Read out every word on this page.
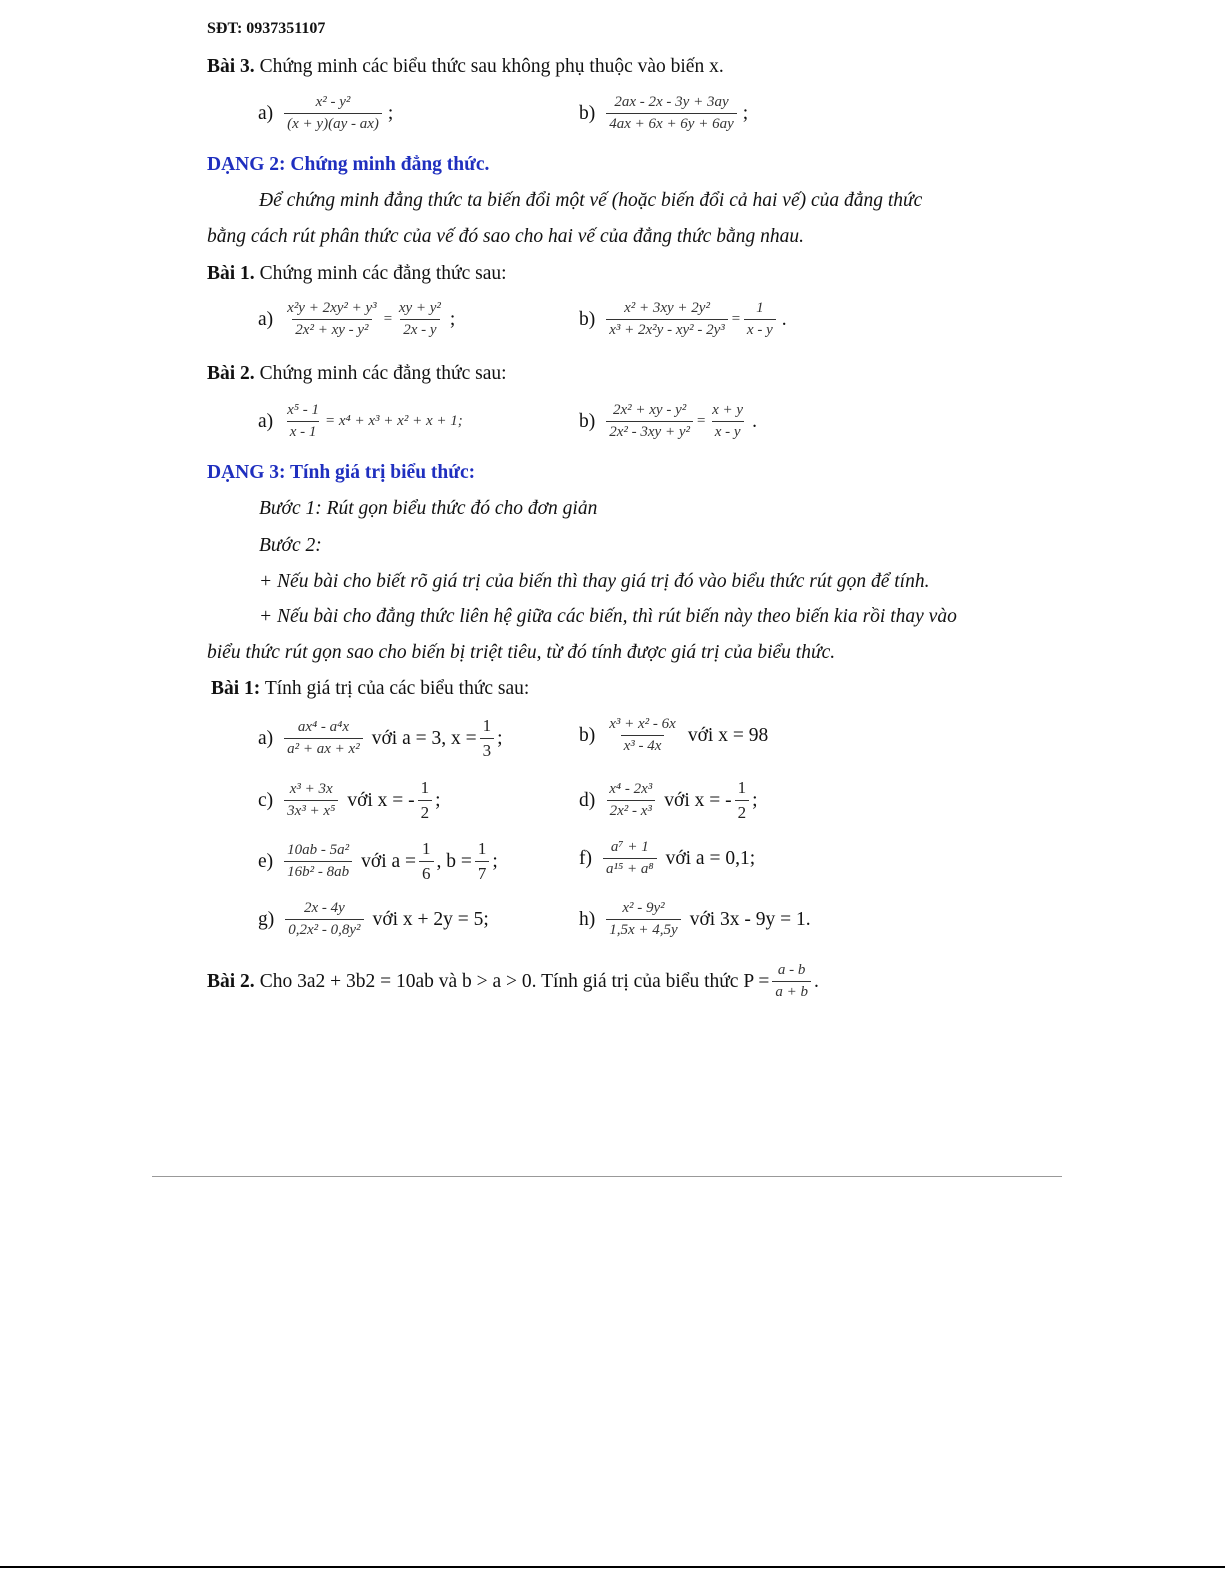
SĐT: 0937351107
Bài 3. Chứng minh các biểu thức sau không phụ thuộc vào biến x.
$a) \frac{\text{x² - y²}}{(x + y)(ay - ax)}$ ;	$b) \frac{2ax - 2x - 3y + 3ay}{4ax + 6x + 6y + 6ay}$ ;
DẠNG 2: Chứng minh đẳng thức.
Để chứng minh đẳng thức ta biến đổi một vế (hoặc biến đổi cả hai vế) của đẳng thức
bằng cách rút phân thức của vế đó sao cho hai vế của đẳng thức bằng nhau.
Bài 1. Chứng minh các đẳng thức sau:
$a) \frac{\text{x²y + 2xy² + y³}}{\text{2x² + xy - y²}} = \frac{\text{xy + y²}}{2x - y}$ ;	$b) \frac{\text{x² + 3xy + 2y²}}{\text{x³ + 2x²y - xy² - 2y³}} = \frac{1}{x - y}$ .
Bài 2. Chứng minh các đẳng thức sau:
$a) \frac{\text{x⁵ - 1}}{x - 1} = x^4 + x^3 + x^2 + x + 1$;	$b) \frac{\text{2x² + xy - y²}}{\text{2x² - 3xy + y²}} = \frac{x + y}{x - y}$ .
DẠNG 3: Tính giá trị biểu thức:
Bước 1: Rút gọn biểu thức đó cho đơn giản
Bước 2:
+ Nếu bài cho biết rõ giá trị của biến thì thay giá trị đó vào biểu thức rút gọn để tính.
+ Nếu bài cho đẳng thức liên hệ giữa các biến, thì rút biến này theo biến kia rồi thay vào
biểu thức rút gọn sao cho biến bị triệt tiêu, từ đó tính được giá trị của biểu thức.
Bài 1: Tính giá trị của các biểu thức sau:
$a) \frac{\text{ax⁴ - a⁴x}}{\text{a² + ax + x²}}$ với a = 3, $x = \frac{1}{3}$ ;	$b) \frac{\text{x³ + x² - 6x}}{\text{x³ - 4x}}$ với x = 98
$c) \frac{\text{x³ + 3x}}{\text{3x³ + x⁵}}$ với x = - $\frac{1}{2}$ ;	$d) \frac{\text{x⁴ - 2x³}}{\text{2x² - x³}}$ với x = - $\frac{1}{2}$ ;
$e) \frac{\text{10ab - 5a²}}{\text{16b² - 8ab}}$ với $a = \frac{1}{6}$ , $b = \frac{1}{7}$ ;	$f) \frac{\text{a⁷ + 1}}{\text{a¹⁵ + a⁸}}$ với a = 0,1;
$g) \frac{2x - 4y}{\text{0,2x² - 0,8y²}}$ với x + 2y = 5;	$h) \frac{\text{x² - 9y²}}{1,5x + 4,5y}$ với 3x - 9y = 1.
Bài 2. Cho 3a2 + 3b2 = 10ab và b > a > 0. Tính giá trị của biểu thức $P = \frac{a - b}{a + b}$ .
